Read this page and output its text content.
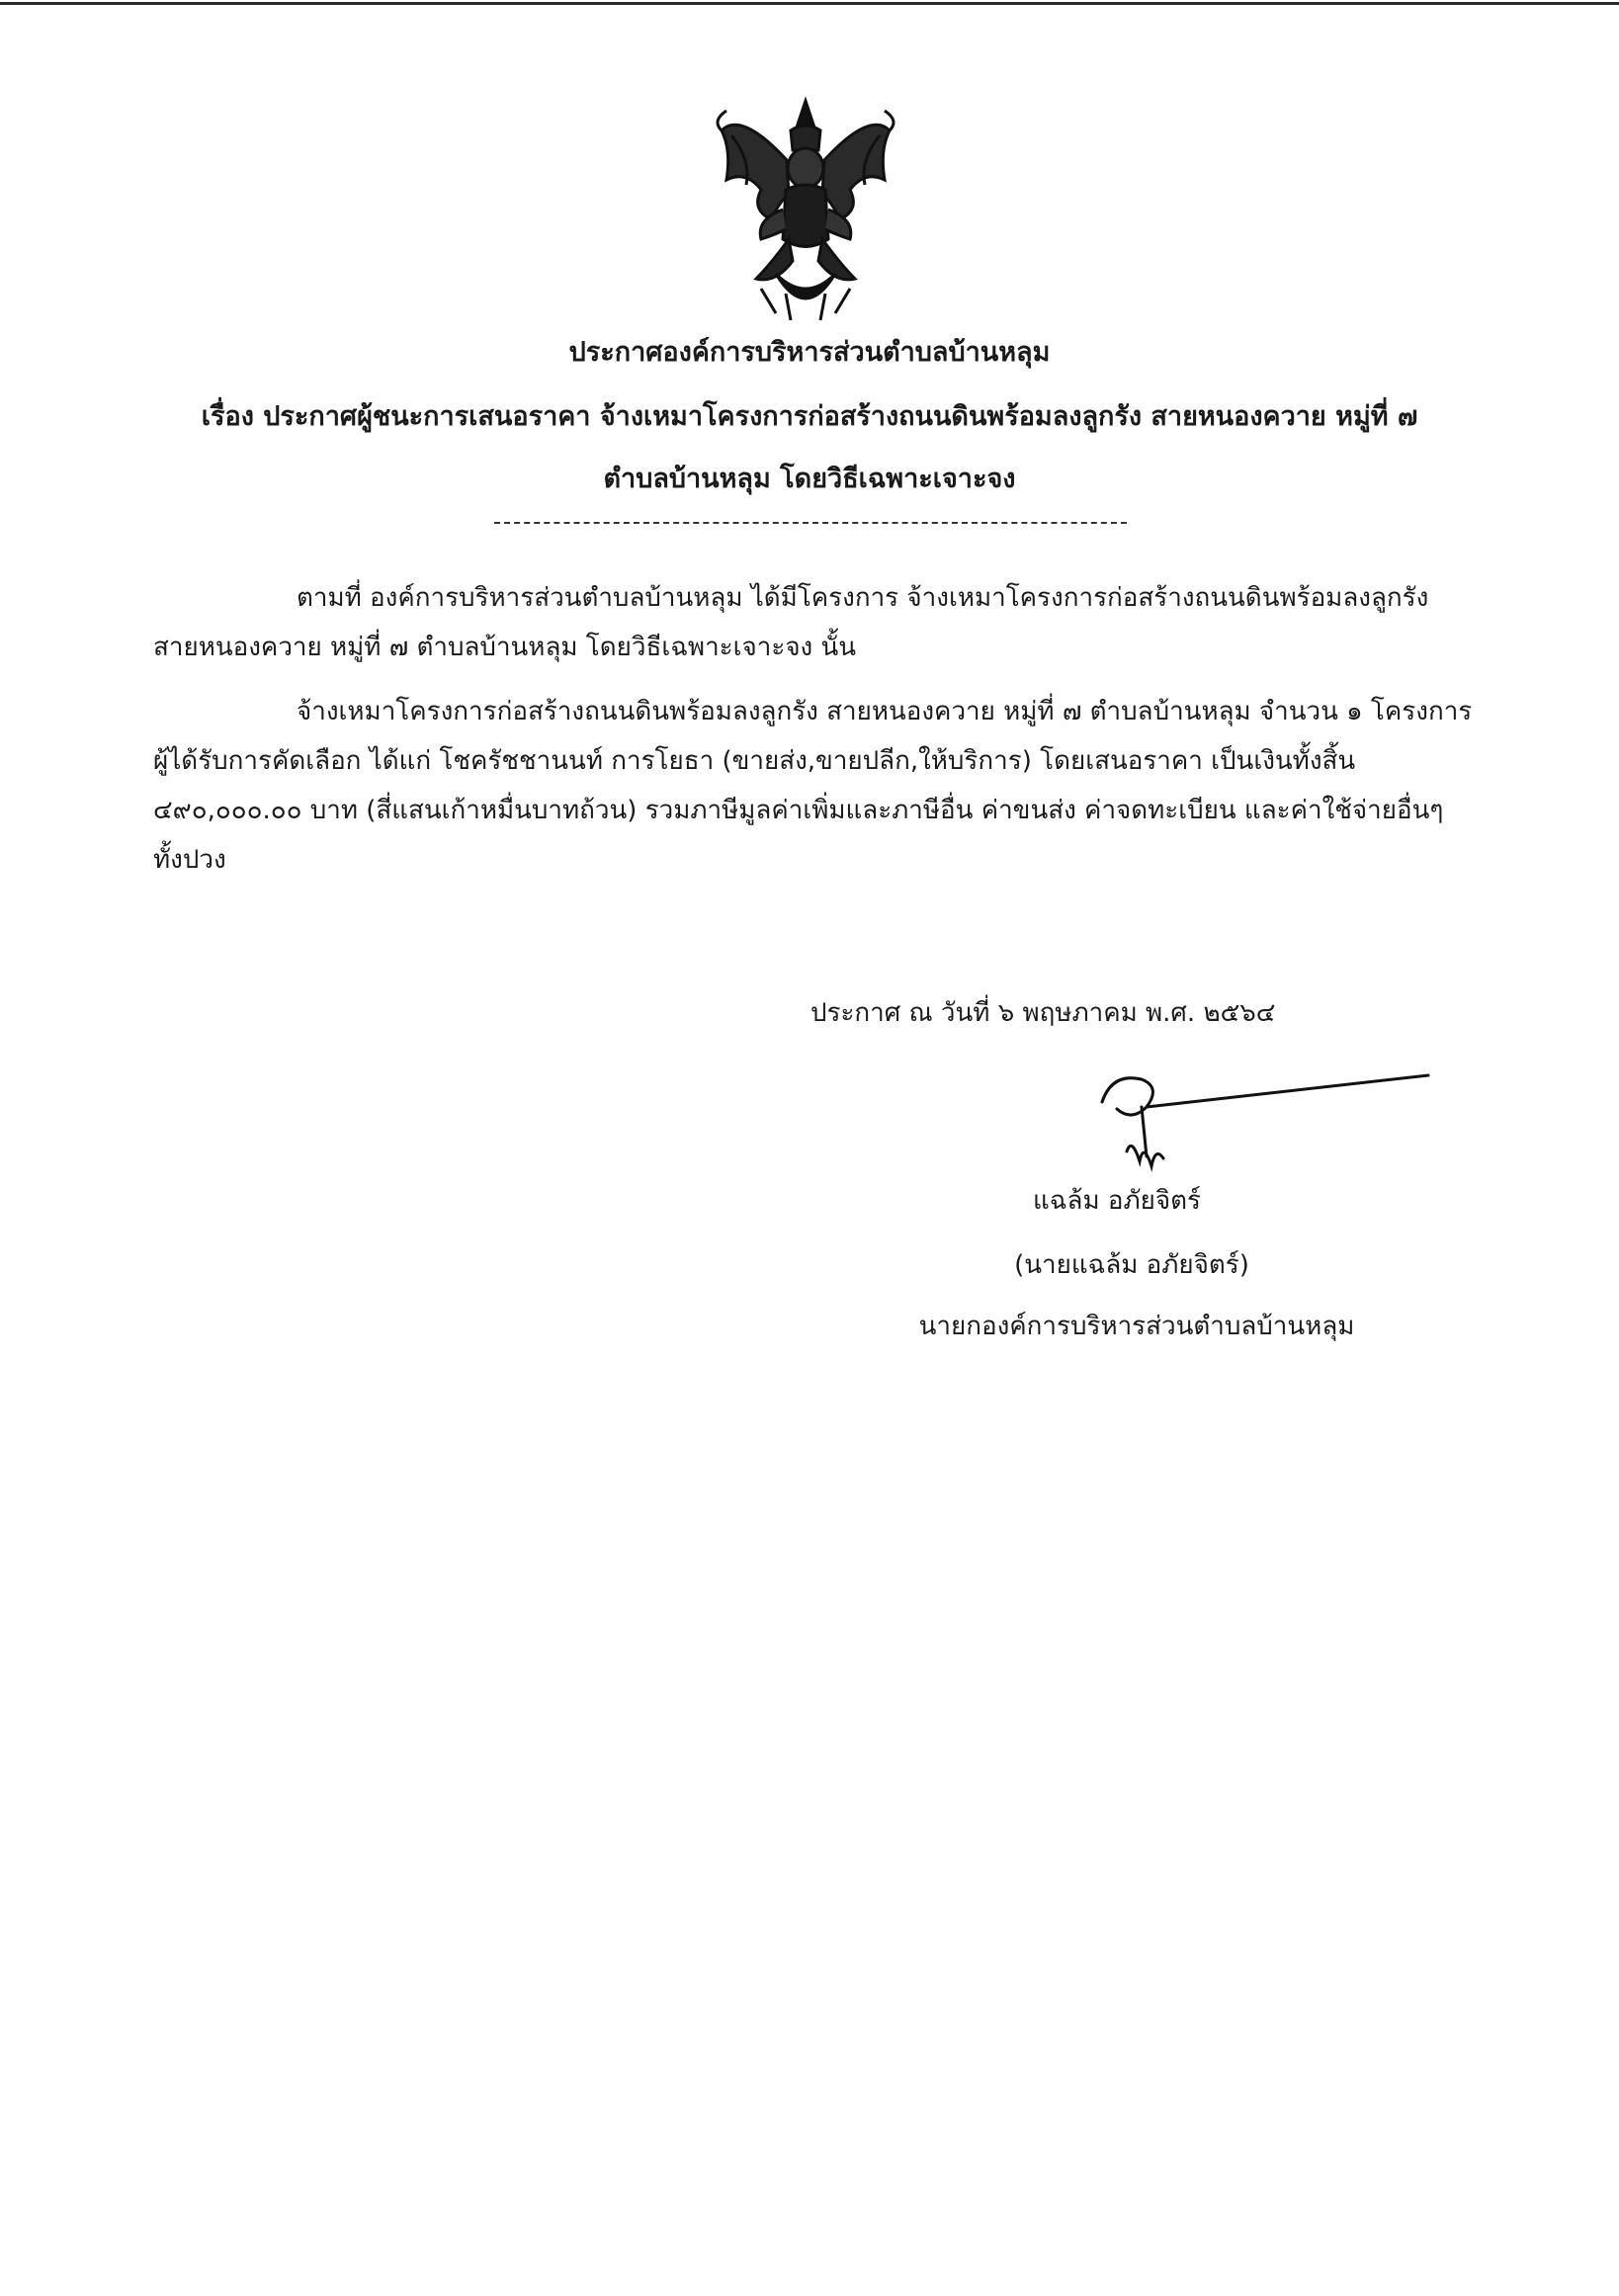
ประกาศองค์การบริหารส่วนตำบลบ้านหลุม
เรื่อง ประกาศผู้ชนะการเสนอราคา จ้างเหมาโครงการก่อสร้างถนนดินพร้อมลงลูกรัง สายหนองควาย หมู่ที่ ๗
ตำบลบ้านหลุม โดยวิธีเฉพาะเจาะจง
ตามที่ องค์การบริหารส่วนตำบลบ้านหลุม ได้มีโครงการ จ้างเหมาโครงการก่อสร้างถนนดินพร้อมลงลูกรัง สายหนองควาย หมู่ที่ ๗ ตำบลบ้านหลุม โดยวิธีเฉพาะเจาะจง นั้น
จ้างเหมาโครงการก่อสร้างถนนดินพร้อมลงลูกรัง สายหนองควาย หมู่ที่ ๗ ตำบลบ้านหลุม จำนวน ๑ โครงการ ผู้ได้รับการคัดเลือก ได้แก่ โชครัชชานนท์ การโยธา (ขายส่ง,ขายปลีก,ให้บริการ) โดยเสนอราคา เป็นเงินทั้งสิ้น ๔๙๐,๐๐๐.๐๐ บาท (สี่แสนเก้าหมื่นบาทถ้วน) รวมภาษีมูลค่าเพิ่มและภาษีอื่น ค่าขนส่ง ค่าจดทะเบียน และค่าใช้จ่ายอื่นๆ ทั้งปวง
ประกาศ ณ วันที่ ๖ พฤษภาคม พ.ศ. ๒๕๖๔
แฉล้ม อภัยจิตร์
(นายแฉล้ม อภัยจิตร์)
นายกองค์การบริหารส่วนตำบลบ้านหลุม
